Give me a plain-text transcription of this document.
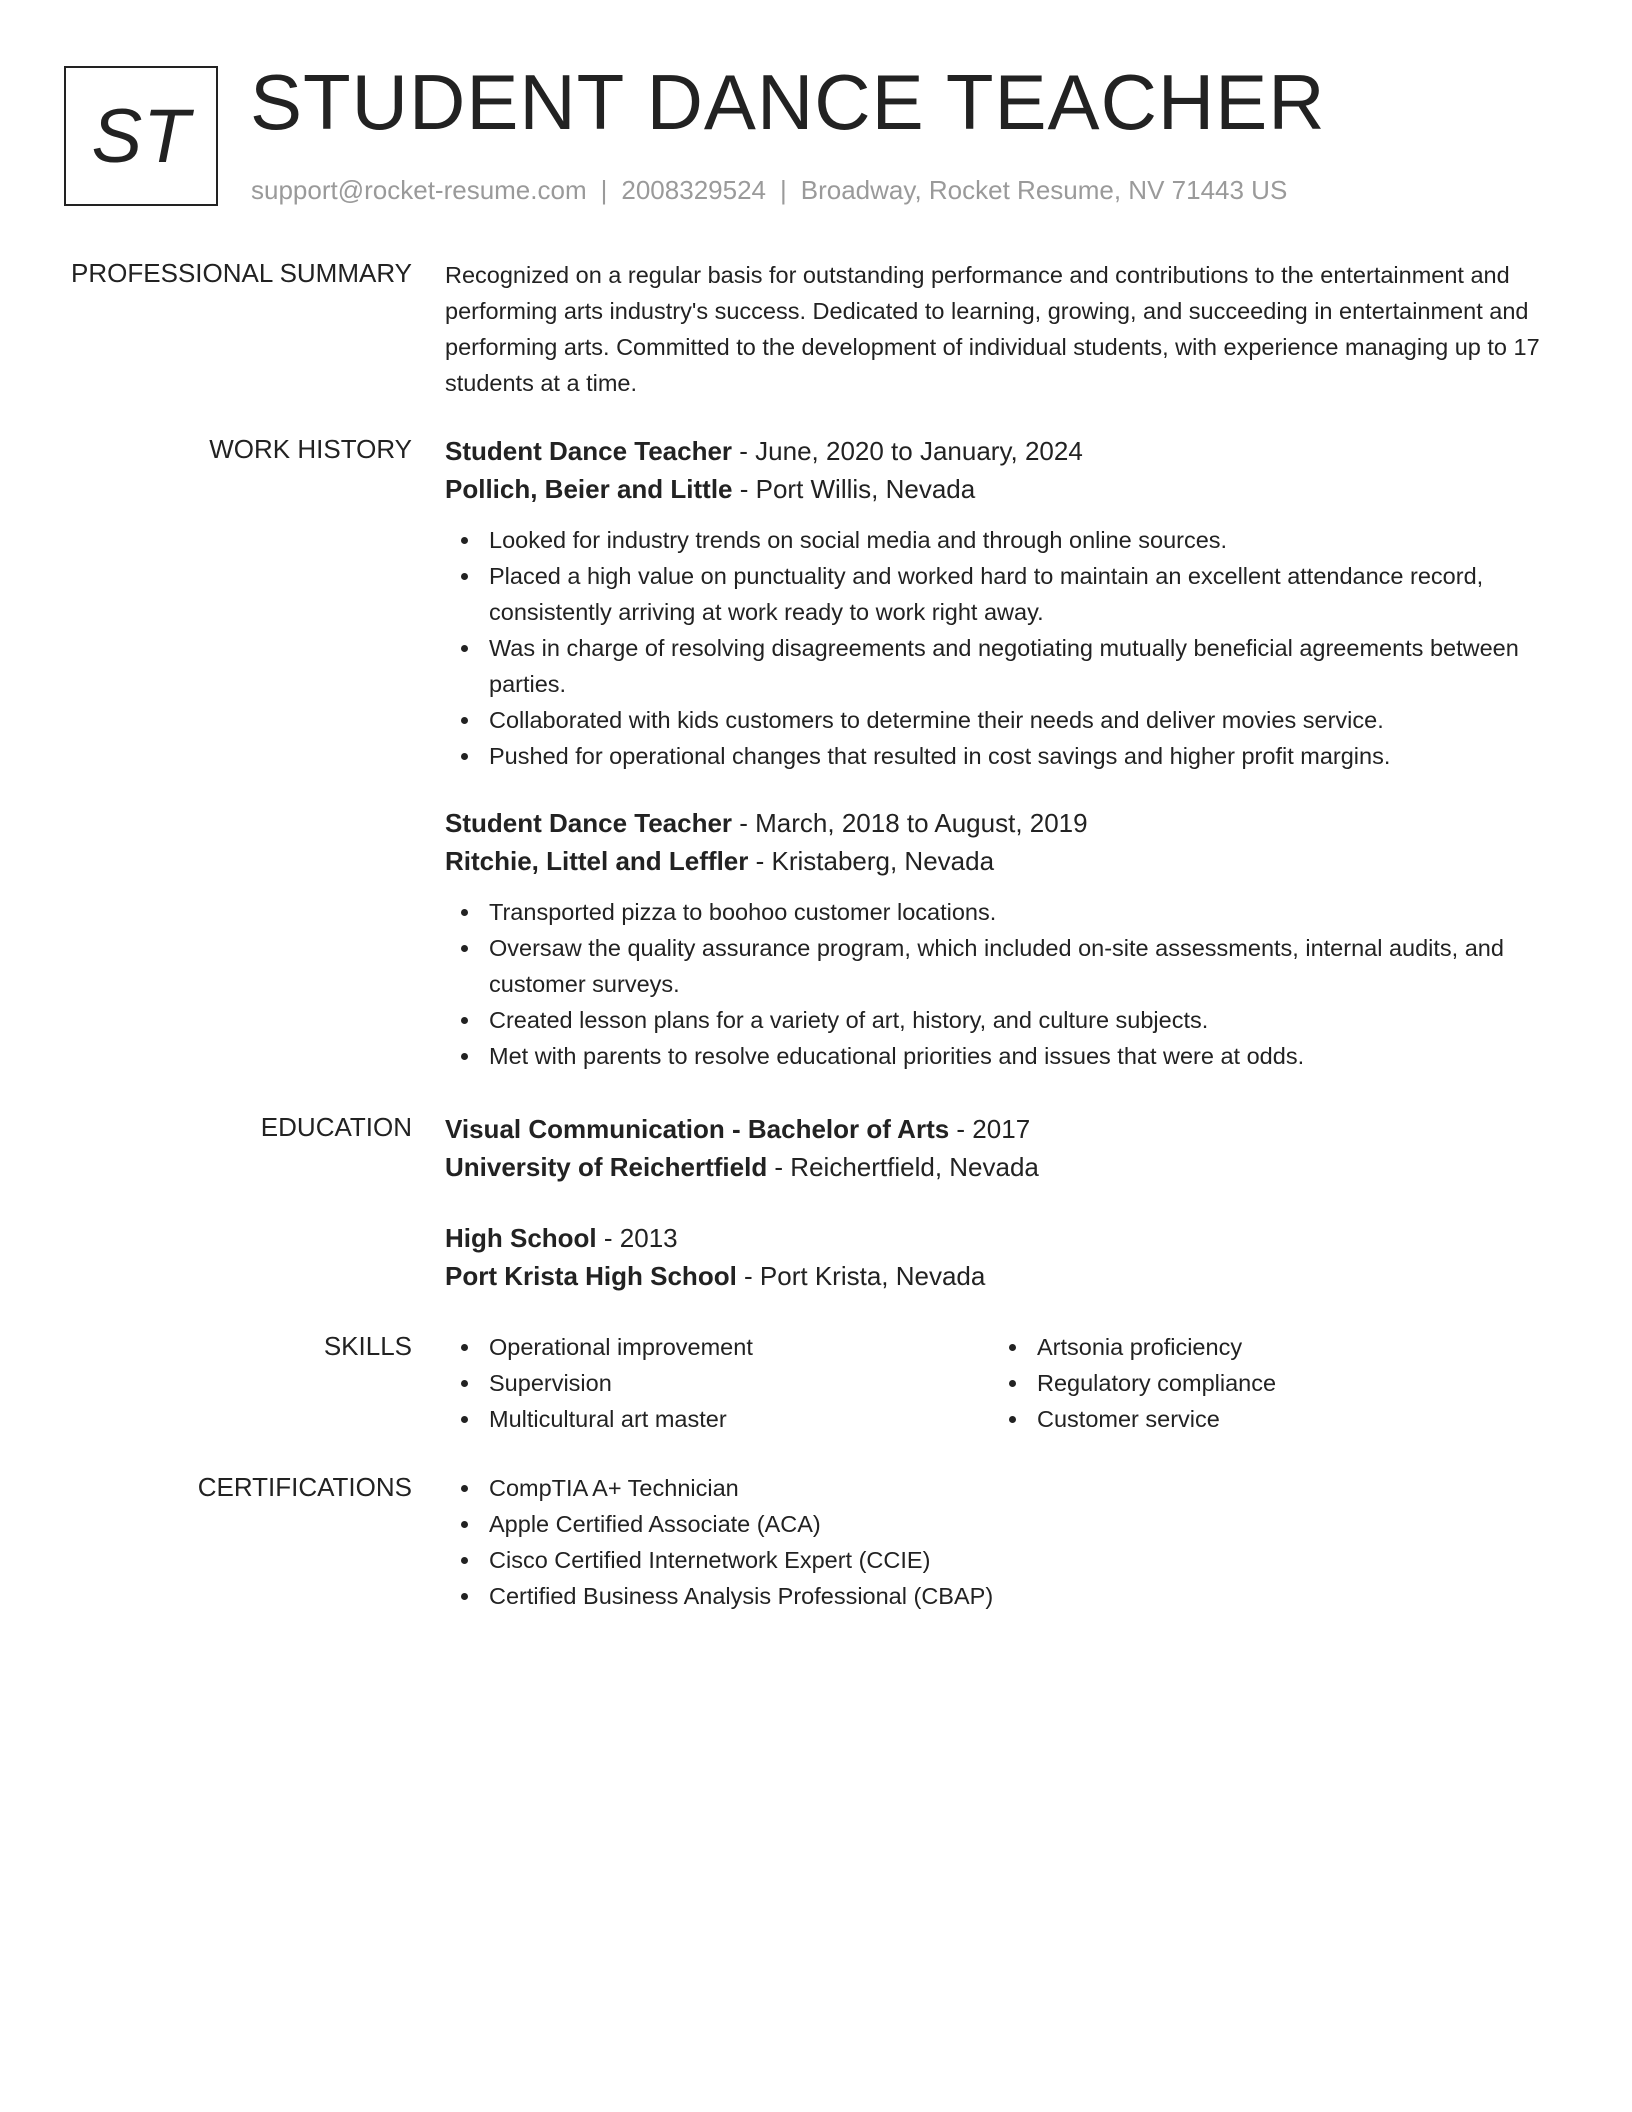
ST STUDENT DANCE TEACHER
support@rocket-resume.com | 2008329524 | Broadway, Rocket Resume, NV 71443 US
PROFESSIONAL SUMMARY Recognized on a regular basis for outstanding performance and contributions to the entertainment and performing arts industry's success. Dedicated to learning, growing, and succeeding in entertainment and performing arts. Committed to the development of individual students, with experience managing up to 17 students at a time.

WORK HISTORY Student Dance Teacher - June, 2020 to January, 2024

Pollich, Beier and Little - Port Willis, Nevada

Looked for industry trends on social media and through online sources.
Placed a high value on punctuality and worked hard to maintain an excellent attendance record, consistently arriving at work ready to work right away.
Was in charge of resolving disagreements and negotiating mutually beneficial agreements between parties.
Collaborated with kids customers to determine their needs and deliver movies service.
Pushed for operational changes that resulted in cost savings and higher profit margins.

Student Dance Teacher - March, 2018 to August, 2019

Ritchie, Littel and Leffler - Kristaberg, Nevada

Transported pizza to boohoo customer locations.
Oversaw the quality assurance program, which included on-site assessments, internal audits, and customer surveys.
Created lesson plans for a variety of art, history, and culture subjects.
Met with parents to resolve educational priorities and issues that were at odds.
EDUCATION Visual Communication - Bachelor of Arts - 2017

University of Reichertfield - Reichertfield, Nevada

High School - 2013

Port Krista High School - Port Krista, Nevada

SKILLS	Operational improvement
Supervision
Multicultural art master
Artsonia proficiency
Regulatory compliance
Customer service
CERTIFICATIONS	CompTIA A+ Technician
Apple Certified Associate (ACA)
Cisco Certified Internetwork Expert (CCIE)
Certified Business Analysis Professional (CBAP)
